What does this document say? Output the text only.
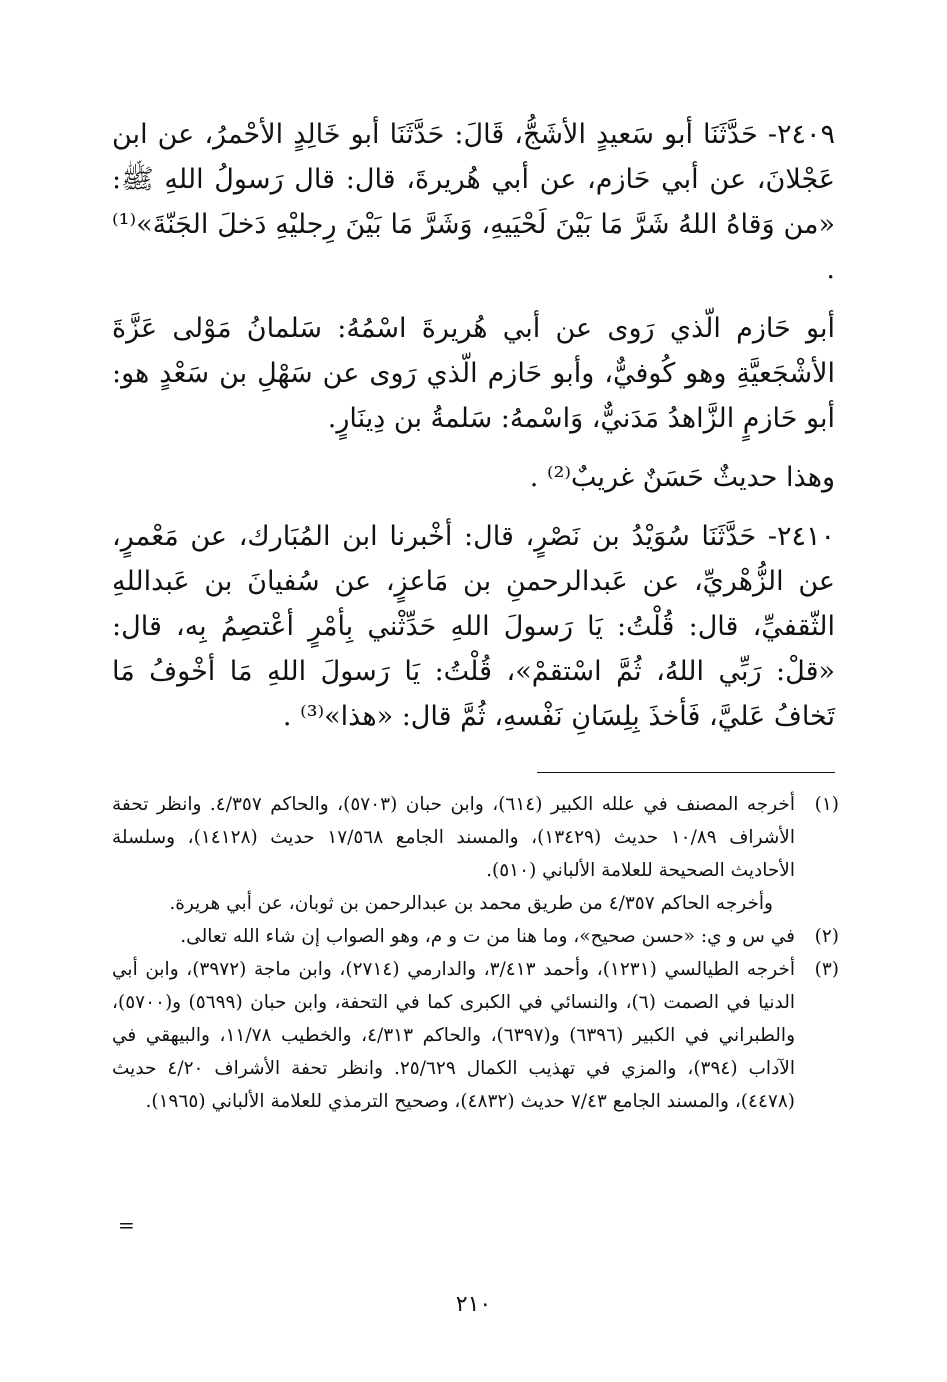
٢٤٠٩- حَدَّثَنَا أبو سَعيدٍ الأشَجُّ، قَالَ: حَدَّثَنَا أبو خَالِدٍ الأحْمرُ، عن ابن عَجْلانَ، عن أبي حَازم، عن أبي هُريرةَ، قال: قال رَسولُ اللهِ ﷺ: «من وَقاهُ اللهُ شَرَّ مَا بَيْنَ لَحْيَيهِ، وَشَرَّ مَا بَيْنَ رِجليْهِ دَخلَ الجَنّةَ»⁽¹⁾ .

أبو حَازم الّذي رَوى عن أبي هُريرةَ اسْمُهُ: سَلمانُ مَوْلى عَزَّةَ الأشْجَعيَّةِ وهو كُوفيٌّ، وأبو حَازم الّذي رَوى عن سَهْلِ بن سَعْدٍ هو: أبو حَازمٍ الزَّاهدُ مَدَنيٌّ، وَاسْمهُ: سَلمةُ بن دِينَارٍ.

وهذا حديثٌ حَسَنٌ غريبٌ⁽²⁾ .

٢٤١٠- حَدَّثَنَا سُوَيْدُ بن نَصْرٍ، قال: أخْبرنا ابن المُبَارك، عن مَعْمرٍ، عن الزُّهْريِّ، عن عَبدالرحمنِ بن مَاعزٍ، عن سُفيانَ بن عَبداللهِ الثّقفيِّ، قال: قُلْتُ: يَا رَسولَ اللهِ حَدِّثْني بِأمْرٍ أعْتصِمُ بِه، قال: «قلْ: رَبِّي اللهُ، ثُمَّ اسْتقمْ»، قُلْتُ: يَا رَسولَ اللهِ مَا أخْوفُ مَا تَخافُ عَليَّ، فَأخذَ بِلِسَانِ نَفْسهِ، ثُمَّ قال: «هذا»⁽³⁾ .

(١)

أخرجه المصنف في علله الكبير (٦١٤)، وابن حبان (٥٧٠٣)، والحاكم ٤/٣٥٧. وانظر تحفة الأشراف ١٠/٨٩ حديث (١٣٤٢٩)، والمسند الجامع ١٧/٥٦٨ حديث (١٤١٢٨)، وسلسلة الأحاديث الصحيحة للعلامة الألباني (٥١٠).

وأخرجه الحاكم ٤/٣٥٧ من طريق محمد بن عبدالرحمن بن ثوبان، عن أبي هريرة.

(٢)

في س و ي: «حسن صحيح»، وما هنا من ت و م، وهو الصواب إن شاء الله تعالى.

(٣)

أخرجه الطيالسي (١٢٣١)، وأحمد ٣/٤١٣، والدارمي (٢٧١٤)، وابن ماجة (٣٩٧٢)، وابن أبي الدنيا في الصمت (٦)، والنسائي في الكبرى كما في التحفة، وابن حبان (٥٦٩٩) و(٥٧٠٠)، والطبراني في الكبير (٦٣٩٦) و(٦٣٩٧)، والحاكم ٤/٣١٣، والخطيب ١١/٧٨، والبيهقي في الآداب (٣٩٤)، والمزي في تهذيب الكمال ٢٥/٦٢٩. وانظر تحفة الأشراف ٤/٢٠ حديث (٤٤٧٨)، والمسند الجامع ٧/٤٣ حديث (٤٨٣٢)، وصحيح الترمذي للعلامة الألباني (١٩٦٥).

=
٢١٠
